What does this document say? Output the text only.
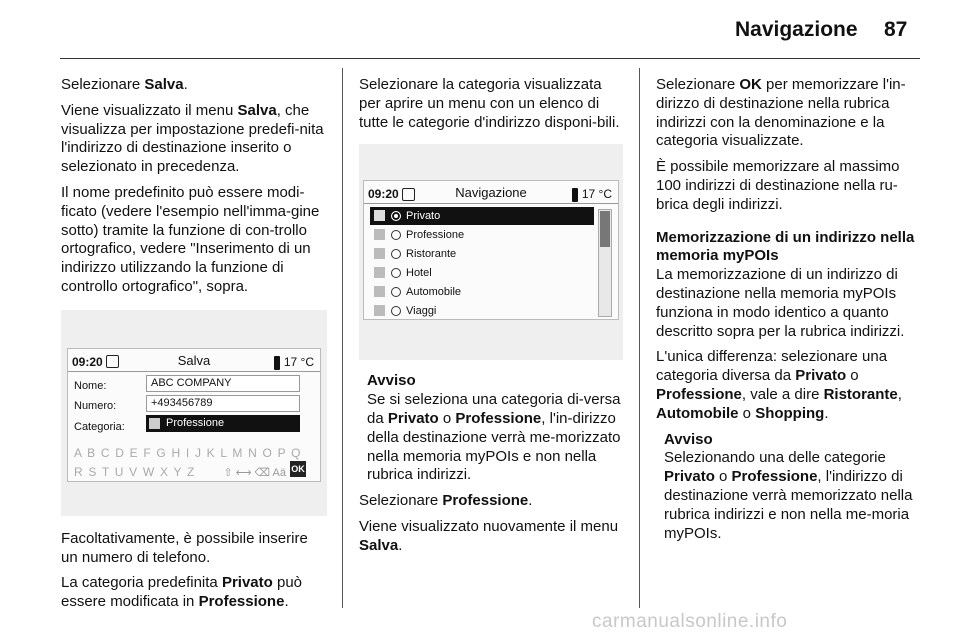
Navigazione 87

Selezionare Salva.

Viene visualizzato il menu Salva, che visualizza per impostazione predefi-nita l'indirizzo di destinazione inserito o selezionato in precedenza.

Il nome predefinito può essere modi-ficato (vedere l'esempio nell'imma-gine sotto) tramite la funzione di con-trollo ortografico, vedere "Inserimento di un indirizzo utilizzando la funzione di controllo ortografico", sopra.

09:20	Salva	17 °C
Nome:	ABC COMPANY
Numero:	+493456789
Categoria:	Professione
A B C D E F G H I J K L M N O P Q R S T U V W X Y Z	⇧ ⟷ ⌫ Aä OK

Facoltativamente, è possibile inserire un numero di telefono.

La categoria predefinita Privato può essere modificata in Professione.

Selezionare la categoria visualizzata per aprire un menu con un elenco di tutte le categorie d'indirizzo disponi-bili.

09:20	Navigazione	17 °C
Privato
Professione
Ristorante
Hotel
Automobile
Viaggi
Avviso
Se si seleziona una categoria di-versa da Privato o Professione, l'in-dirizzo della destinazione verrà me-morizzato nella memoria myPOIs e non nella rubrica indirizzi.

Selezionare Professione.

Viene visualizzato nuovamente il menu Salva.

Selezionare OK per memorizzare l'in-dirizzo di destinazione nella rubrica indirizzi con la denominazione e la categoria visualizzate.

È possibile memorizzare al massimo 100 indirizzi di destinazione nella ru-brica degli indirizzi.

Memorizzazione di un indirizzo nella memoria myPOIs

La memorizzazione di un indirizzo di destinazione nella memoria myPOIs funziona in modo identico a quanto descritto sopra per la rubrica indirizzi.

L'unica differenza: selezionare una categoria diversa da Privato o Professione, vale a dire Ristorante, Automobile o Shopping.

Avviso
Selezionando una delle categorie Privato o Professione, l'indirizzo di destinazione verrà memorizzato nella rubrica indirizzi e non nella me-moria myPOIs.
carmanualsonline.info
